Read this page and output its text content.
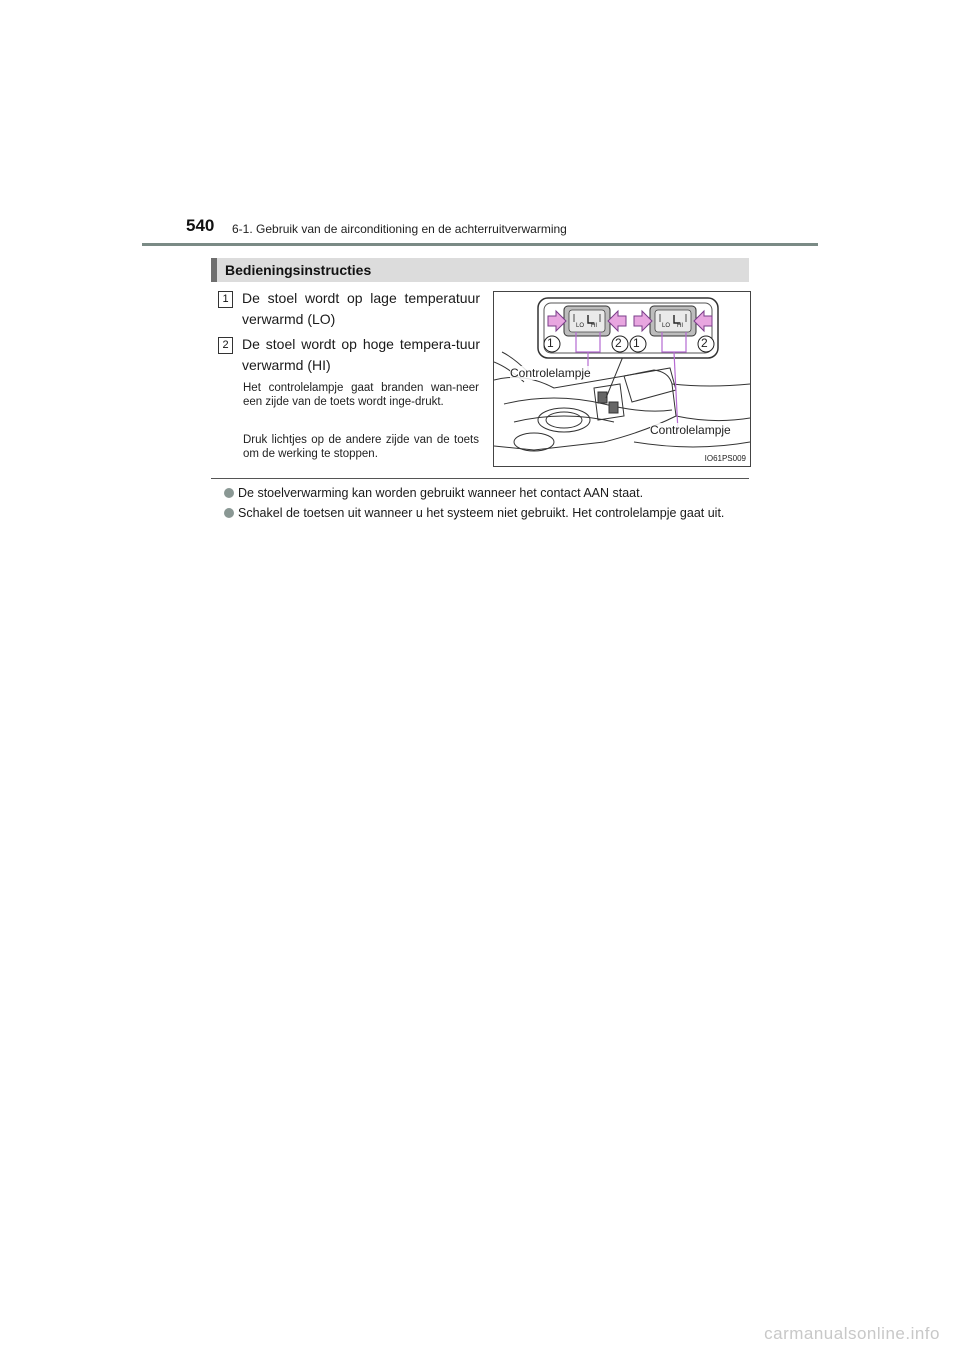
540 6-1. Gebruik van de airconditioning en de achterruitverwarming
Bedieningsinstructies
1 De stoel wordt op lage temperatuur verwarmd (LO)
2 De stoel wordt op hoge tempera-tuur verwarmd (HI)
Het controlelampje gaat branden wan-neer een zijde van de toets wordt inge-drukt.
Druk lichtjes op de andere zijde van de toets om de werking te stoppen.
1	2 1	2
LO HI	LO HI
Controlelampje
Controlelampje
IO61PS009
De stoelverwarming kan worden gebruikt wanneer het contact AAN staat.
Schakel de toetsen uit wanneer u het systeem niet gebruikt. Het controlelampje gaat uit.
carmanualsonline.info
